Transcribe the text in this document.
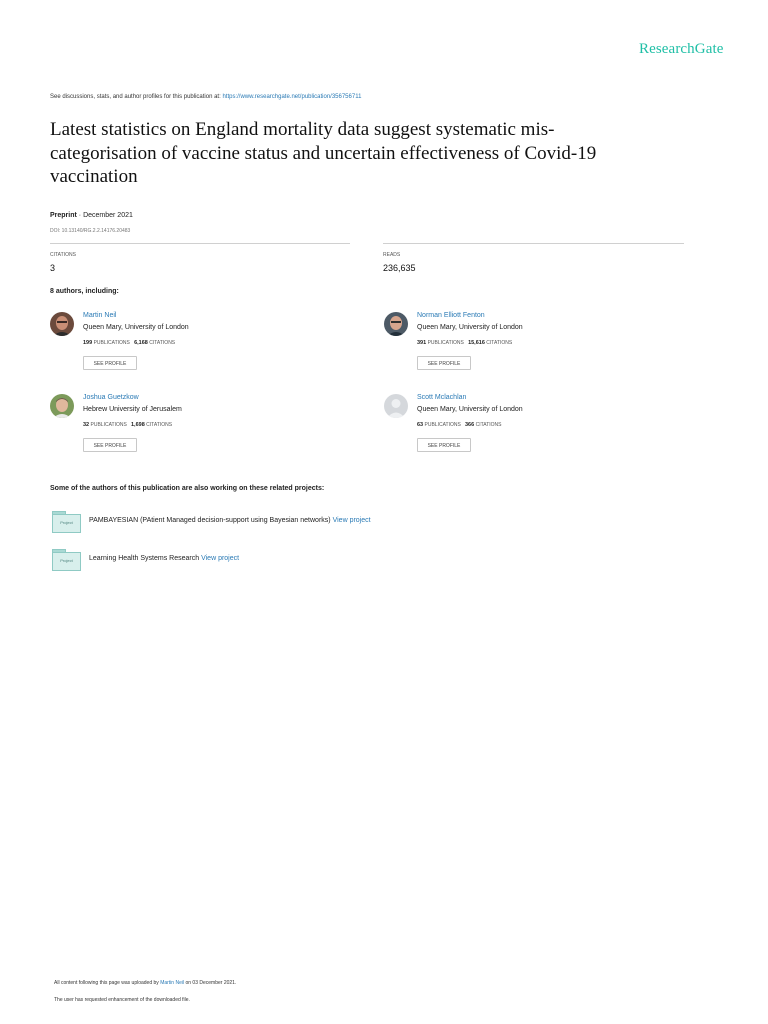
ResearchGate
See discussions, stats, and author profiles for this publication at: https://www.researchgate.net/publication/356756711
Latest statistics on England mortality data suggest systematic mis-categorisation of vaccine status and uncertain effectiveness of Covid-19 vaccination
Preprint · December 2021
DOI: 10.13140/RG.2.2.14176.20483
CITATIONS
3
READS
236,635
8 authors, including:
Martin Neil
Queen Mary, University of London
199 PUBLICATIONS 6,168 CITATIONS
SEE PROFILE
Norman Elliott Fenton
Queen Mary, University of London
391 PUBLICATIONS 15,616 CITATIONS
SEE PROFILE
Joshua Guetzkow
Hebrew University of Jerusalem
32 PUBLICATIONS 1,698 CITATIONS
SEE PROFILE
Scott Mclachlan
Queen Mary, University of London
63 PUBLICATIONS 366 CITATIONS
SEE PROFILE
Some of the authors of this publication are also working on these related projects:
Project	PAMBAYESIAN (PAtient Managed decision-support using Bayesian networks) View project
Project	Learning Health Systems Research View project
All content following this page was uploaded by Martin Neil on 03 December 2021.
The user has requested enhancement of the downloaded file.
